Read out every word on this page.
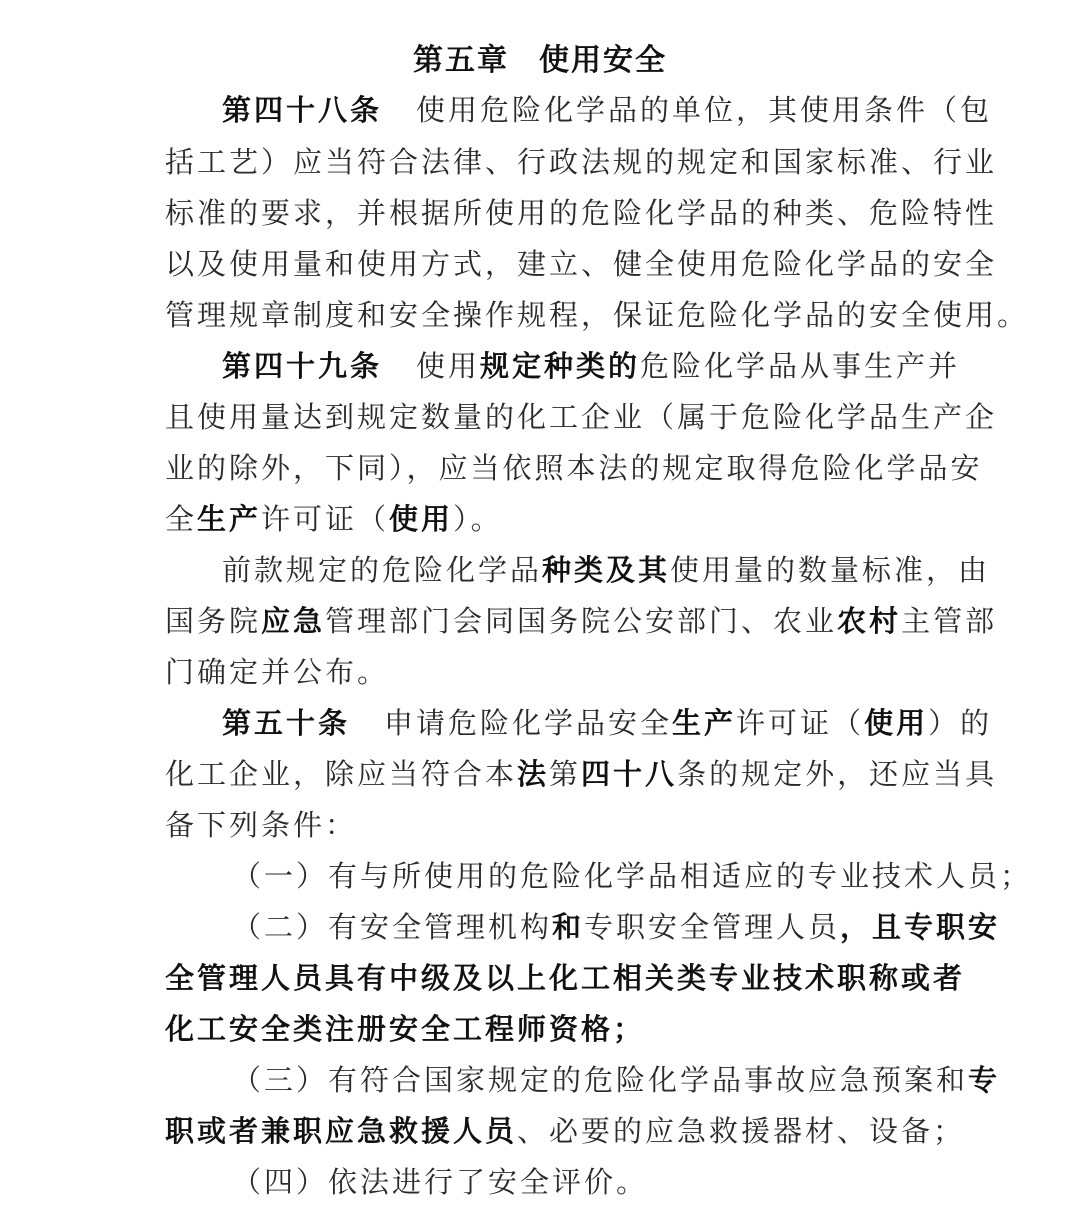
第五章 使用安全
第四十八条 使用危险化学品的单位，其使用条件（包
括工艺）应当符合法律、行政法规的规定和国家标准、行业
标准的要求，并根据所使用的危险化学品的种类、危险特性
以及使用量和使用方式，建立、健全使用危险化学品的安全
管理规章制度和安全操作规程，保证危险化学品的安全使用。
第四十九条 使用规定种类的危险化学品从事生产并
且使用量达到规定数量的化工企业（属于危险化学品生产企
业的除外，下同），应当依照本法的规定取得危险化学品安
全生产许可证（使用）。
前款规定的危险化学品种类及其使用量的数量标准，由
国务院应急管理部门会同国务院公安部门、农业农村主管部
门确定并公布。
第五十条 申请危险化学品安全生产许可证（使用）的
化工企业，除应当符合本法第四十八条的规定外，还应当具
备下列条件：
（一）有与所使用的危险化学品相适应的专业技术人员；
（二）有安全管理机构和专职安全管理人员，且专职安
全管理人员具有中级及以上化工相关类专业技术职称或者
化工安全类注册安全工程师资格；
（三）有符合国家规定的危险化学品事故应急预案和专
职或者兼职应急救援人员、必要的应急救援器材、设备；
（四）依法进行了安全评价。
